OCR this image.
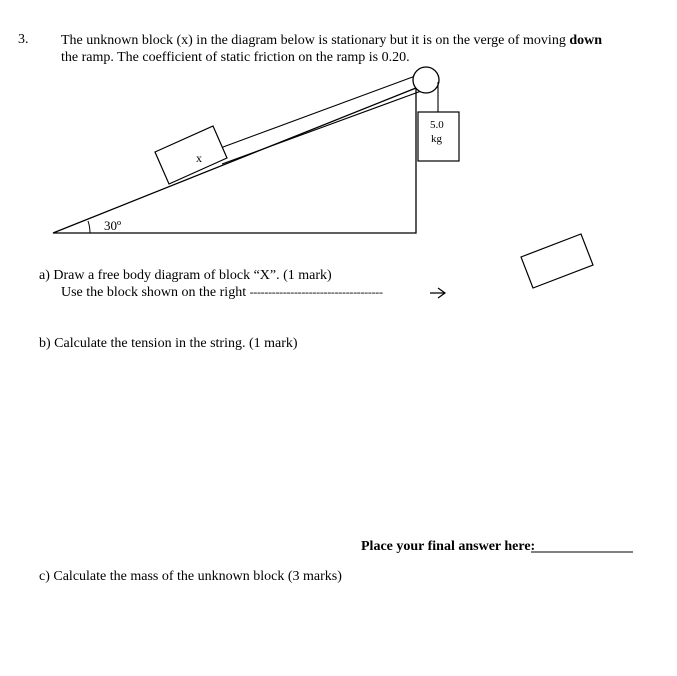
x
5.0
kg
30º
3. The unknown block (x) in the diagram below is stationary but it is on the verge of moving down
the ramp. The coefficient of static friction on the ramp is 0.20.
a) Draw a free body diagram of block “X”. (1 mark)
Use the block shown on the right ------------------------------------
b) Calculate the tension in the string. (1 mark)
Place your final answer here:
c) Calculate the mass of the unknown block (3 marks)
